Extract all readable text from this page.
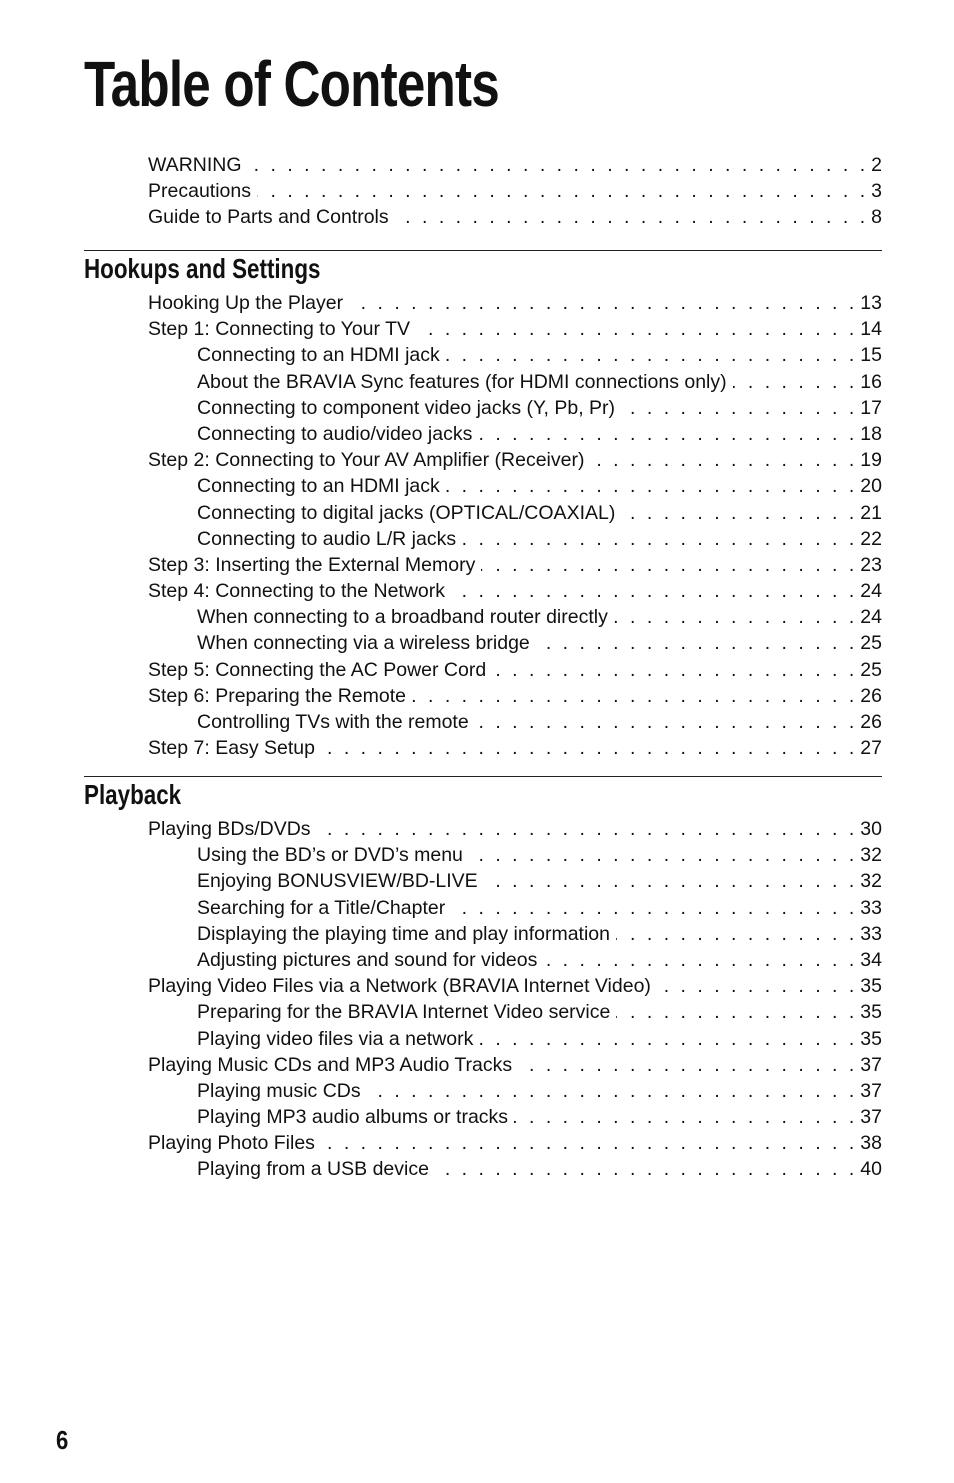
Table of Contents
WARNING . . .	2
Precautions . . .	3
Guide to Parts and Controls . . .	8
Hookups and Settings
Hooking Up the Player . . .	13
Step 1: Connecting to Your TV . . .	14
Connecting to an HDMI jack . . .	15
About the BRAVIA Sync features (for HDMI connections only) . . .	16
Connecting to component video jacks (Y, Pb, Pr) . . .	17
Connecting to audio/video jacks . . .	18
Step 2: Connecting to Your AV Amplifier (Receiver) . . .	19
Connecting to an HDMI jack . . .	20
Connecting to digital jacks (OPTICAL/COAXIAL) . . .	21
Connecting to audio L/R jacks . . .	22
Step 3: Inserting the External Memory . . .	23
Step 4: Connecting to the Network . . .	24
When connecting to a broadband router directly . . .	24
When connecting via a wireless bridge . . .	25
Step 5: Connecting the AC Power Cord . . .	25
Step 6: Preparing the Remote . . .	26
Controlling TVs with the remote . . .	26
Step 7: Easy Setup . . .	27
Playback
Playing BDs/DVDs . . .	30
Using the BD’s or DVD’s menu . . .	32
Enjoying BONUSVIEW/BD-LIVE . . .	32
Searching for a Title/Chapter . . .	33
Displaying the playing time and play information . . .	33
Adjusting pictures and sound for videos . . .	34
Playing Video Files via a Network (BRAVIA Internet Video) . . .	35
Preparing for the BRAVIA Internet Video service . . .	35
Playing video files via a network . . .	35
Playing Music CDs and MP3 Audio Tracks . . .	37
Playing music CDs . . .	37
Playing MP3 audio albums or tracks . . .	37
Playing Photo Files . . .	38
Playing from a USB device . . .	40

6
